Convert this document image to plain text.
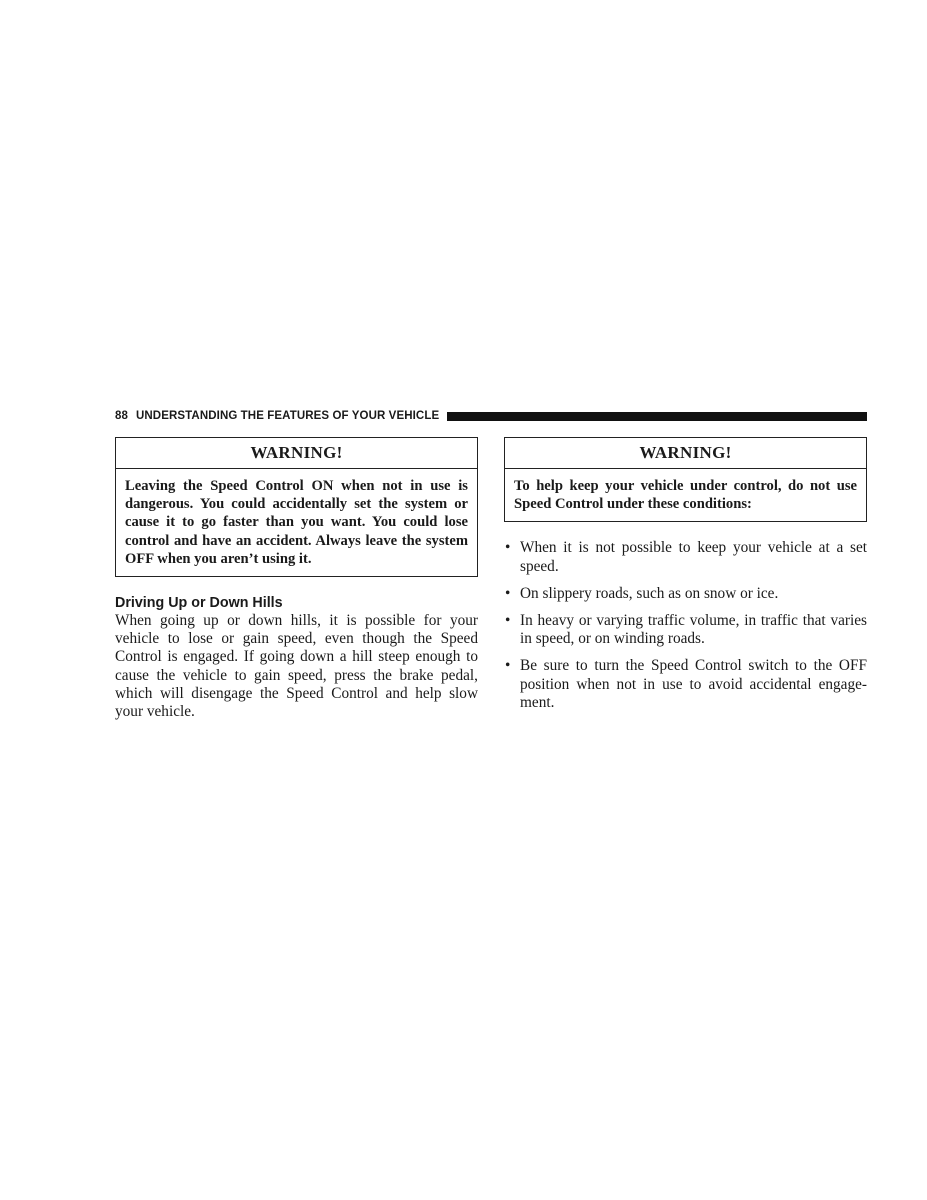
88 UNDERSTANDING THE FEATURES OF YOUR VEHICLE
WARNING!
Leaving the Speed Control ON when not in use is dangerous. You could accidentally set the system or cause it to go faster than you want. You could lose control and have an accident. Always leave the system OFF when you aren’t using it.
Driving Up or Down Hills

When going up or down hills, it is possible for your vehicle to lose or gain speed, even though the Speed Control is engaged. If going down a hill steep enough to cause the vehicle to gain speed, press the brake pedal, which will disengage the Speed Control and help slow your vehicle.

WARNING!
To help keep your vehicle under control, do not use Speed Control under these conditions:
• When it is not possible to keep your vehicle at a set speed.
• On slippery roads, such as on snow or ice.
• In heavy or varying traffic volume, in traffic that varies in speed, or on winding roads.
• Be sure to turn the Speed Control switch to the OFF position when not in use to avoid accidental engage- ment.
